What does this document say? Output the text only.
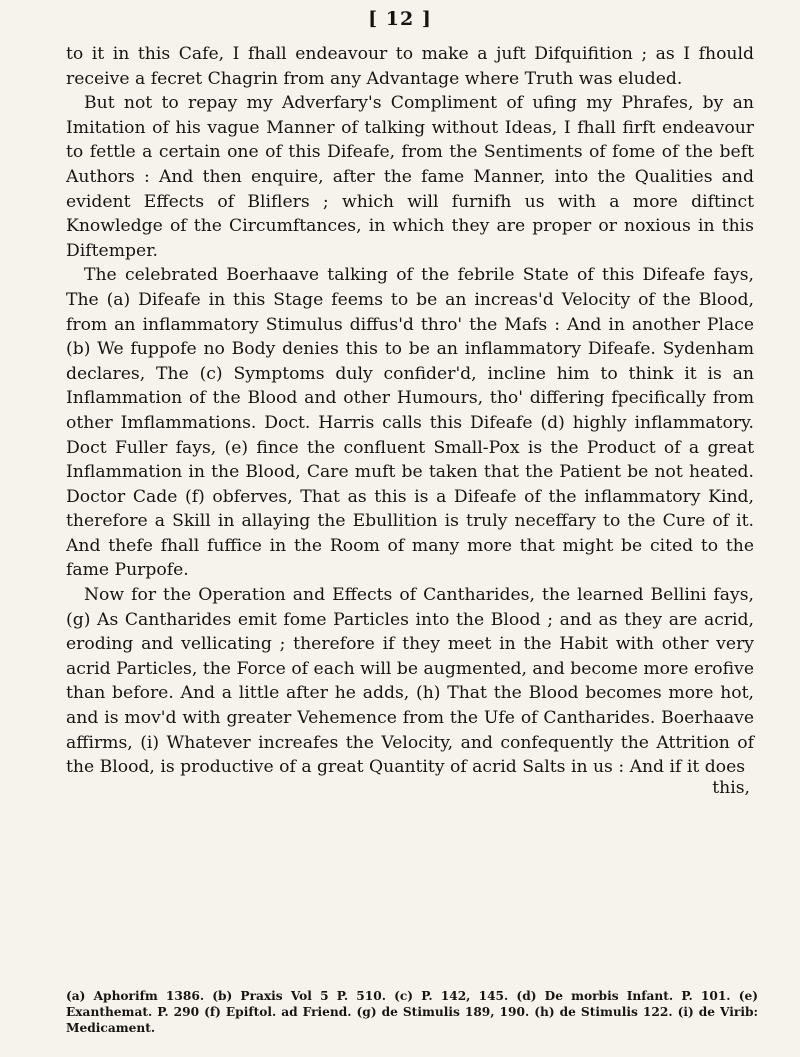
[ 12 ]

to it in this Cafe, I fhall endeavour to make a juft Difquifition ; as I fhould receive a fecret Chagrin from any Advantage where Truth was eluded.

But not to repay my Adverfary's Compliment of ufing my Phrafes, by an Imitation of his vague Manner of talking without Ideas, I fhall firft endeavour to fettle a certain one of this Difeafe, from the Sentiments of fome of the beft Authors : And then enquire, after the fame Manner, into the Qualities and evident Effects of Bliflers ; which will furnifh us with a more diftinct Knowledge of the Circumftances, in which they are proper or noxious in this Diftemper.

The celebrated Boerhaave talking of the febrile State of this Difeafe fays, The (a) Difeafe in this Stage feems to be an increas'd Velocity of the Blood, from an inflammatory Stimulus diffus'd thro' the Mafs : And in another Place (b) We fuppofe no Body denies this to be an inflammatory Difeafe. Sydenham declares, The (c) Symptoms duly confider'd, incline him to think it is an Inflammation of the Blood and other Humours, tho' differing fpecifically from other Imflammations. Doct. Harris calls this Difeafe (d) highly inflammatory. Doct Fuller fays, (e) fince the confluent Small-Pox is the Product of a great Inflammation in the Blood, Care muft be taken that the Patient be not heated. Doctor Cade (f) obferves, That as this is a Difeafe of the inflammatory Kind, therefore a Skill in allaying the Ebullition is truly neceffary to the Cure of it. And thefe fhall fuffice in the Room of many more that might be cited to the fame Purpofe.

Now for the Operation and Effects of Cantharides, the learned Bellini fays, (g) As Cantharides emit fome Particles into the Blood ; and as they are acrid, eroding and vellicating ; therefore if they meet in the Habit with other very acrid Particles, the Force of each will be augmented, and become more erofive than before. And a little after he adds, (h) That the Blood becomes more hot, and is mov'd with greater Vehemence from the Ufe of Cantharides. Boerhaave affirms, (i) Whatever increafes the Velocity, and confequently the Attrition of the Blood, is productive of a great Quantity of acrid Salts in us : And if it does

this,
(a) Aphorifm 1386. (b) Praxis Vol 5 P. 510. (c) P. 142, 145. (d) De morbis Infant. P. 101. (e) Exanthemat. P. 290 (f) Epiftol. ad Friend. (g) de Stimulis 189, 190. (h) de Stimulis 122. (i) de Virib: Medicament.
